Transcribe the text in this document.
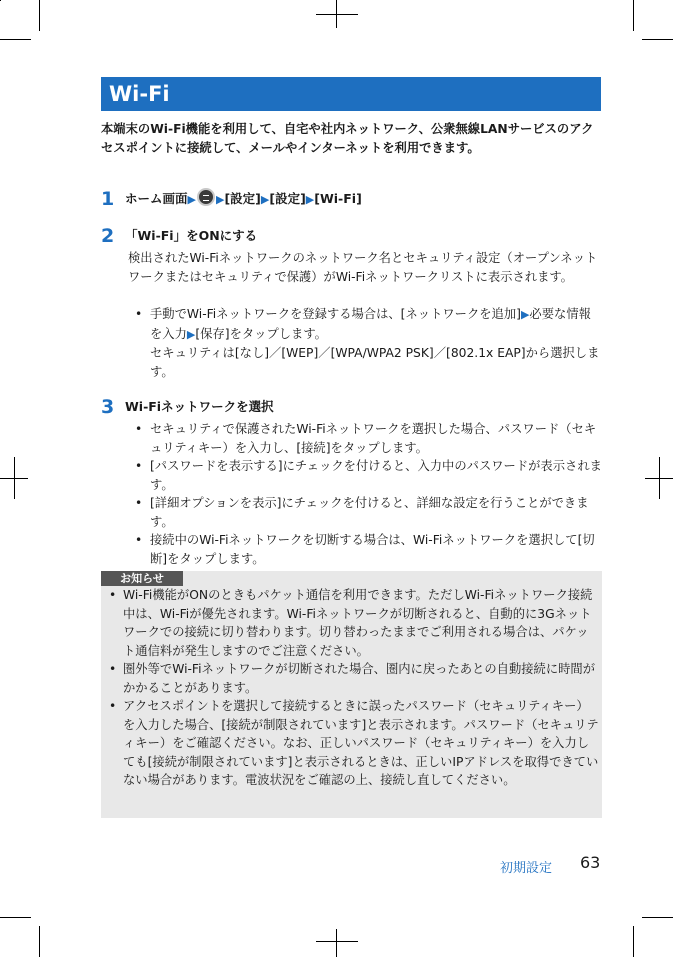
Wi-Fi
本端末のWi-Fi機能を利用して、自宅や社内ネットワーク、公衆無線LANサービスのアクセスポイントに接続して、メールやインターネットを利用できます。
1 ホーム画面▶ ▶[設定]▶[設定]▶[Wi-Fi]
2 「Wi-Fi」をONにする
検出されたWi-Fiネットワークのネットワーク名とセキュリティ設定（オープンネットワークまたはセキュリティで保護）がWi-Fiネットワークリストに表示されます。
• 手動でWi-Fiネットワークを登録する場合は、[ネットワークを追加]▶必要な情報を入力▶[保存]をタップします。
セキュリティは[なし]／[WEP]／[WPA/WPA2 PSK]／[802.1x EAP]から選択します。
3 Wi-Fiネットワークを選択
• セキュリティで保護されたWi-Fiネットワークを選択した場合、パスワード（セキュリティキー）を入力し、[接続]をタップします。
• [パスワードを表示する]にチェックを付けると、入力中のパスワードが表示されます。
• [詳細オプションを表示]にチェックを付けると、詳細な設定を行うことができます。
• 接続中のWi-Fiネットワークを切断する場合は、Wi-Fiネットワークを選択して[切断]をタップします。
お知らせ
• Wi-Fi機能がONのときもパケット通信を利用できます。ただしWi-Fiネットワーク接続中は、Wi-Fiが優先されます。Wi-Fiネットワークが切断されると、自動的に3Gネットワークでの接続に切り替わります。切り替わったままでご利用される場合は、パケット通信料が発生しますのでご注意ください。
• 圏外等でWi-Fiネットワークが切断された場合、圏内に戻ったあとの自動接続に時間がかかることがあります。
• アクセスポイントを選択して接続するときに誤ったパスワード（セキュリティキー）を入力した場合、[接続が制限されています]と表示されます。パスワード（セキュリティキー）をご確認ください。なお、正しいパスワード（セキュリティキー）を入力しても[接続が制限されています]と表示されるときは、正しいIPアドレスを取得できていない場合があります。電波状況をご確認の上、接続し直してください。
初期設定 63
